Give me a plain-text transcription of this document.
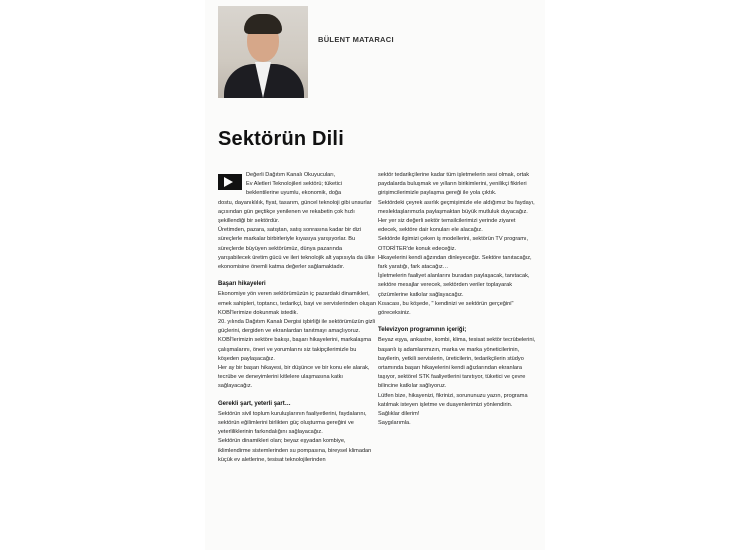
BÜLENT MATARACI
Sektörün Dili

Değerli Dağıtım Kanalı Okuyucuları,

Ev Aletleri Teknolojileri sektörü; tüketici

beklentilerine uyumlu, ekonomik, doğa

dostu, dayanıklılık, fiyat, tasarım, güncel teknoloji gibi unsurlar açısından gün geçtikçe yenilenen ve rekabetin çok hızlı şekillendiği bir sektördür.

Üretimden, pazara, satıştan, satış sonrasına kadar bir dizi süreçlerle markalar birbirleriyle kıyasıya yarışıyorlar. Bu süreçlerde büyüyen sektörümüz, dünya pazarında yarışabilecek üretim gücü ve ileri teknolojik alt yapısıyla da ülke ekonomisine önemli katma değerler sağlamaktadır.

Başarı hikayeleri

Ekonomiye yön veren sektörümüzün iç pazardaki dinamikleri, emek sahipleri, toptancı, tedarikçi, bayi ve servislerinden oluşan KOBİ'lerimize dokunmak istedik.

20. yılında Dağıtım Kanalı Dergisi işbirliği ile sektörümüzün gizli güçlerini, dergiden ve ekranlardan tanıtmayı amaçlıyoruz.

KOBİ'lerimizin sektöre bakışı, başarı hikayelerini, markalaşma çalışmalarını, öneri ve yorumlarını siz takipçilerimizle bu köşeden paylaşacağız.

Her ay bir başarı hikayesi, bir düşünce ve bir konu ele alarak, tecrübe ve deneyimlerini kitlelere ulaşmasına katkı sağlayacağız.

Gerekli şart, yeterli şart…

Sektörün sivil toplum kuruluşlarının faaliyetlerini, faydalarını, sektörün eğilimlerini birlikten güç oluşturma gereğini ve yeterliliklerinin farkındalığını sağlayacağız.

Sektörün dinamikleri olan; beyaz eşyadan kombiye, iklimlendirme sistemlerinden su pompasına, bireysel klimadan küçük ev aletlerine, tesisat teknolojilerinden

sektör tedarikçilerine kadar tüm işletmelerin sesi olmak, ortak paydalarda buluşmak ve yılların birikimlerini, yenilikçi fikirleri girişimcilerimizle paylaşma gereği ile yola çıktık.

Sektördeki çeyrek asırlık geçmişimizle ele aldığımız bu faydayı, meslektaşlarımızla paylaşmaktan büyük mutluluk duyacağız.

Her yer siz değerli sektör temsilcilerimizi yerinde ziyaret edecek, sektöre dair konuları ele alacağız.

Sektörde ilgimizi çeken iş modellerini, sektörün TV programı, OTORİTER'de konuk edeceğiz.

Hikayelerini kendi ağzından dinleyeceğiz. Sektöre tanıtacağız, fark yaratığı, fark atacağız…

İşletmelerin faaliyet alanlarını buradan paylaşacak, tanıtacak, sektöre mesajlar verecek, sektörden veriler toplayarak çözümlerine katkılar sağlayacağız.

Kısacası, bu köşede, " kendinizi ve sektörün gerçeğini" göreceksiniz.

Televizyon programının içeriği;

Beyaz eşya, ankastre, kombi, klima, tesisat sektör tecrübelerini, başarılı iş adamlarımızın, marka ve marka yöneticilerinin, bayilerin, yetkili servislerin, üreticilerin, tedarikçilerin stüdyo ortamında başarı hikayelerini kendi ağızlarından ekranlara taşıyor, sektörel STK faaliyetlerini tanıtıyor, tüketici ve çevre bilincine katkılar sağlıyoruz.

Lütfen bize, hikayenizi, fikrinizi, sorununuzu yazın, programa katılmak isteyen işletme ve duayenlerimizi yönlendirin.

Sağlıklar dilerim!

Saygılarımla.
